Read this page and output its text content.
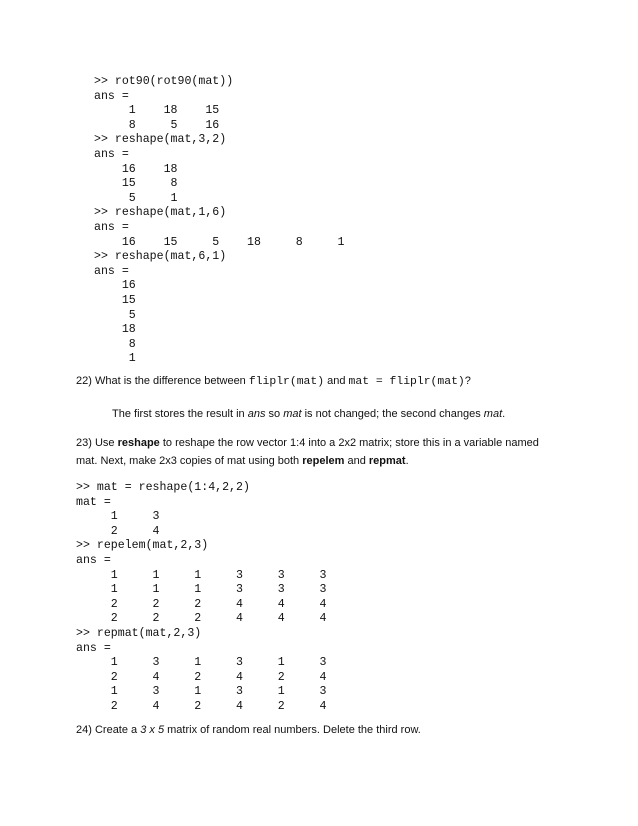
>> rot90(rot90(mat))
ans =
1    18    15
8     5    16
>> reshape(mat,3,2)
ans =
16    18
15     8
5     1
>> reshape(mat,1,6)
ans =
16    15     5    18     8     1
>> reshape(mat,6,1)
ans =
16
15
5
18
8
1
22) What is the difference between fliplr(mat) and mat = fliplr(mat)?
The first stores the result in ans so mat is not changed; the second changes mat.
23) Use reshape to reshape the row vector 1:4 into a 2x2 matrix; store this in a variable named
mat. Next, make 2x3 copies of mat using both repelem and repmat.
>> mat = reshape(1:4,2,2)
mat =
1     3
2     4
>> repelem(mat,2,3)
ans =
1     1     1     3     3     3
1     1     1     3     3     3
2     2     2     4     4     4
2     2     2     4     4     4
>> repmat(mat,2,3)
ans =
1     3     1     3     1     3
2     4     2     4     2     4
1     3     1     3     1     3
2     4     2     4     2     4
24) Create a 3 x 5 matrix of random real numbers. Delete the third row.
